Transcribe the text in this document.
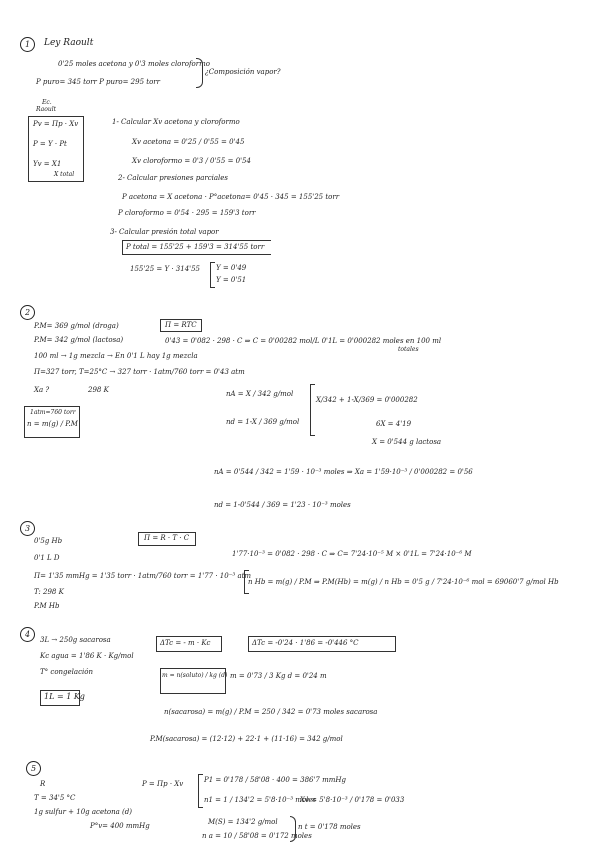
1	Ley Raoult
0'25 moles acetona y 0'3 moles cloroformo
P puro= 345 torr P puro= 295 torr
¿Composición vapor?
Ec.
Raoult
Pv = Πp · Xv
P = Y · Pt
Yv = X1
X total
1- Calcular Xv acetona y cloroformo
Xv acetona = 0'25 / 0'55 = 0'45
Xv cloroformo = 0'3 / 0'55 = 0'54
2- Calcular presiones parciales
P acetona = X acetona · P°acetona= 0'45 · 345 = 155'25 torr
P cloroformo = 0'54 · 295 = 159'3 torr
3- Calcular presión total vapor
P total = 155'25 + 159'3 = 314'55 torr
155'25 = Y · 314'55 Y = 0'49
Y = 0'51
2
P.M= 369 g/mol (droga)
P.M= 342 g/mol (lactosa)
100 ml → 1g mezcla → En 0'1 L hay 1g mezcla
Π=327 torr, T=25°C → 327 torr · 1atm/760 torr = 0'43 atm
Xa ?	298 K
Π = RTC
0'43 = 0'082 · 298 · C ⇒ C = 0'00282 mol/L 0'1L = 0'000282 moles en 100 ml
totales
1atm=760 torr
n = m(g) / P.M
nA = X / 342 g/mol
nd = 1-X / 369 g/mol
X/342 + 1-X/369 = 0'000282
6X = 4'19
X = 0'544 g lactosa
nA = 0'544 / 342 = 1'59 · 10⁻³ moles ⇒ Xa = 1'59·10⁻³ / 0'000282 = 0'56
nd = 1-0'544 / 369 = 1'23 · 10⁻³ moles
3
0'5g Hb
0'1 L D
Π= 1'35 mmHg = 1'35 torr · 1atm/760 torr = 1'77 · 10⁻³ atm
T: 298 K
P.M Hb
Π = R · T · C
1'77·10⁻³ = 0'082 · 298 · C ⇒ C= 7'24·10⁻⁵ M × 0'1L = 7'24·10⁻⁶ M
n Hb = m(g) / P.M ⇒ P.M(Hb) = m(g) / n Hb = 0'5 g / 7'24·10⁻⁶ mol = 69060'7 g/mol Hb
4
3L → 250g sacarosa
Kc agua = 1'86 K · Kg/mol
T° congelación
1L = 1 Kg
ΔTc = - m · Kc
m = n(soluto) / kg (d) m = 0'73 / 3 Kg d = 0'24 m
ΔTc = -0'24 · 1'86 = -0'446 °C
n(sacarosa) = m(g) / P.M = 250 / 342 = 0'73 moles sacarosa
P.M(sacarosa) = (12·12) + 22·1 + (11·16) = 342 g/mol
5
R
T = 34'5 °C
1g sulfur + 10g acetona (d)
P°v= 400 mmHg
P = Πp · Xv	P1 = 0'178 / 58'08 · 400 = 386'7 mmHg
n1 = 1 / 134'2 = 5'8·10⁻³ moles
Xv = 5'8·10⁻³ / 0'178 = 0'033
M(S) = 134'2 g/mol
n a = 10 / 58'08 = 0'172 moles
n t = 0'178 moles
